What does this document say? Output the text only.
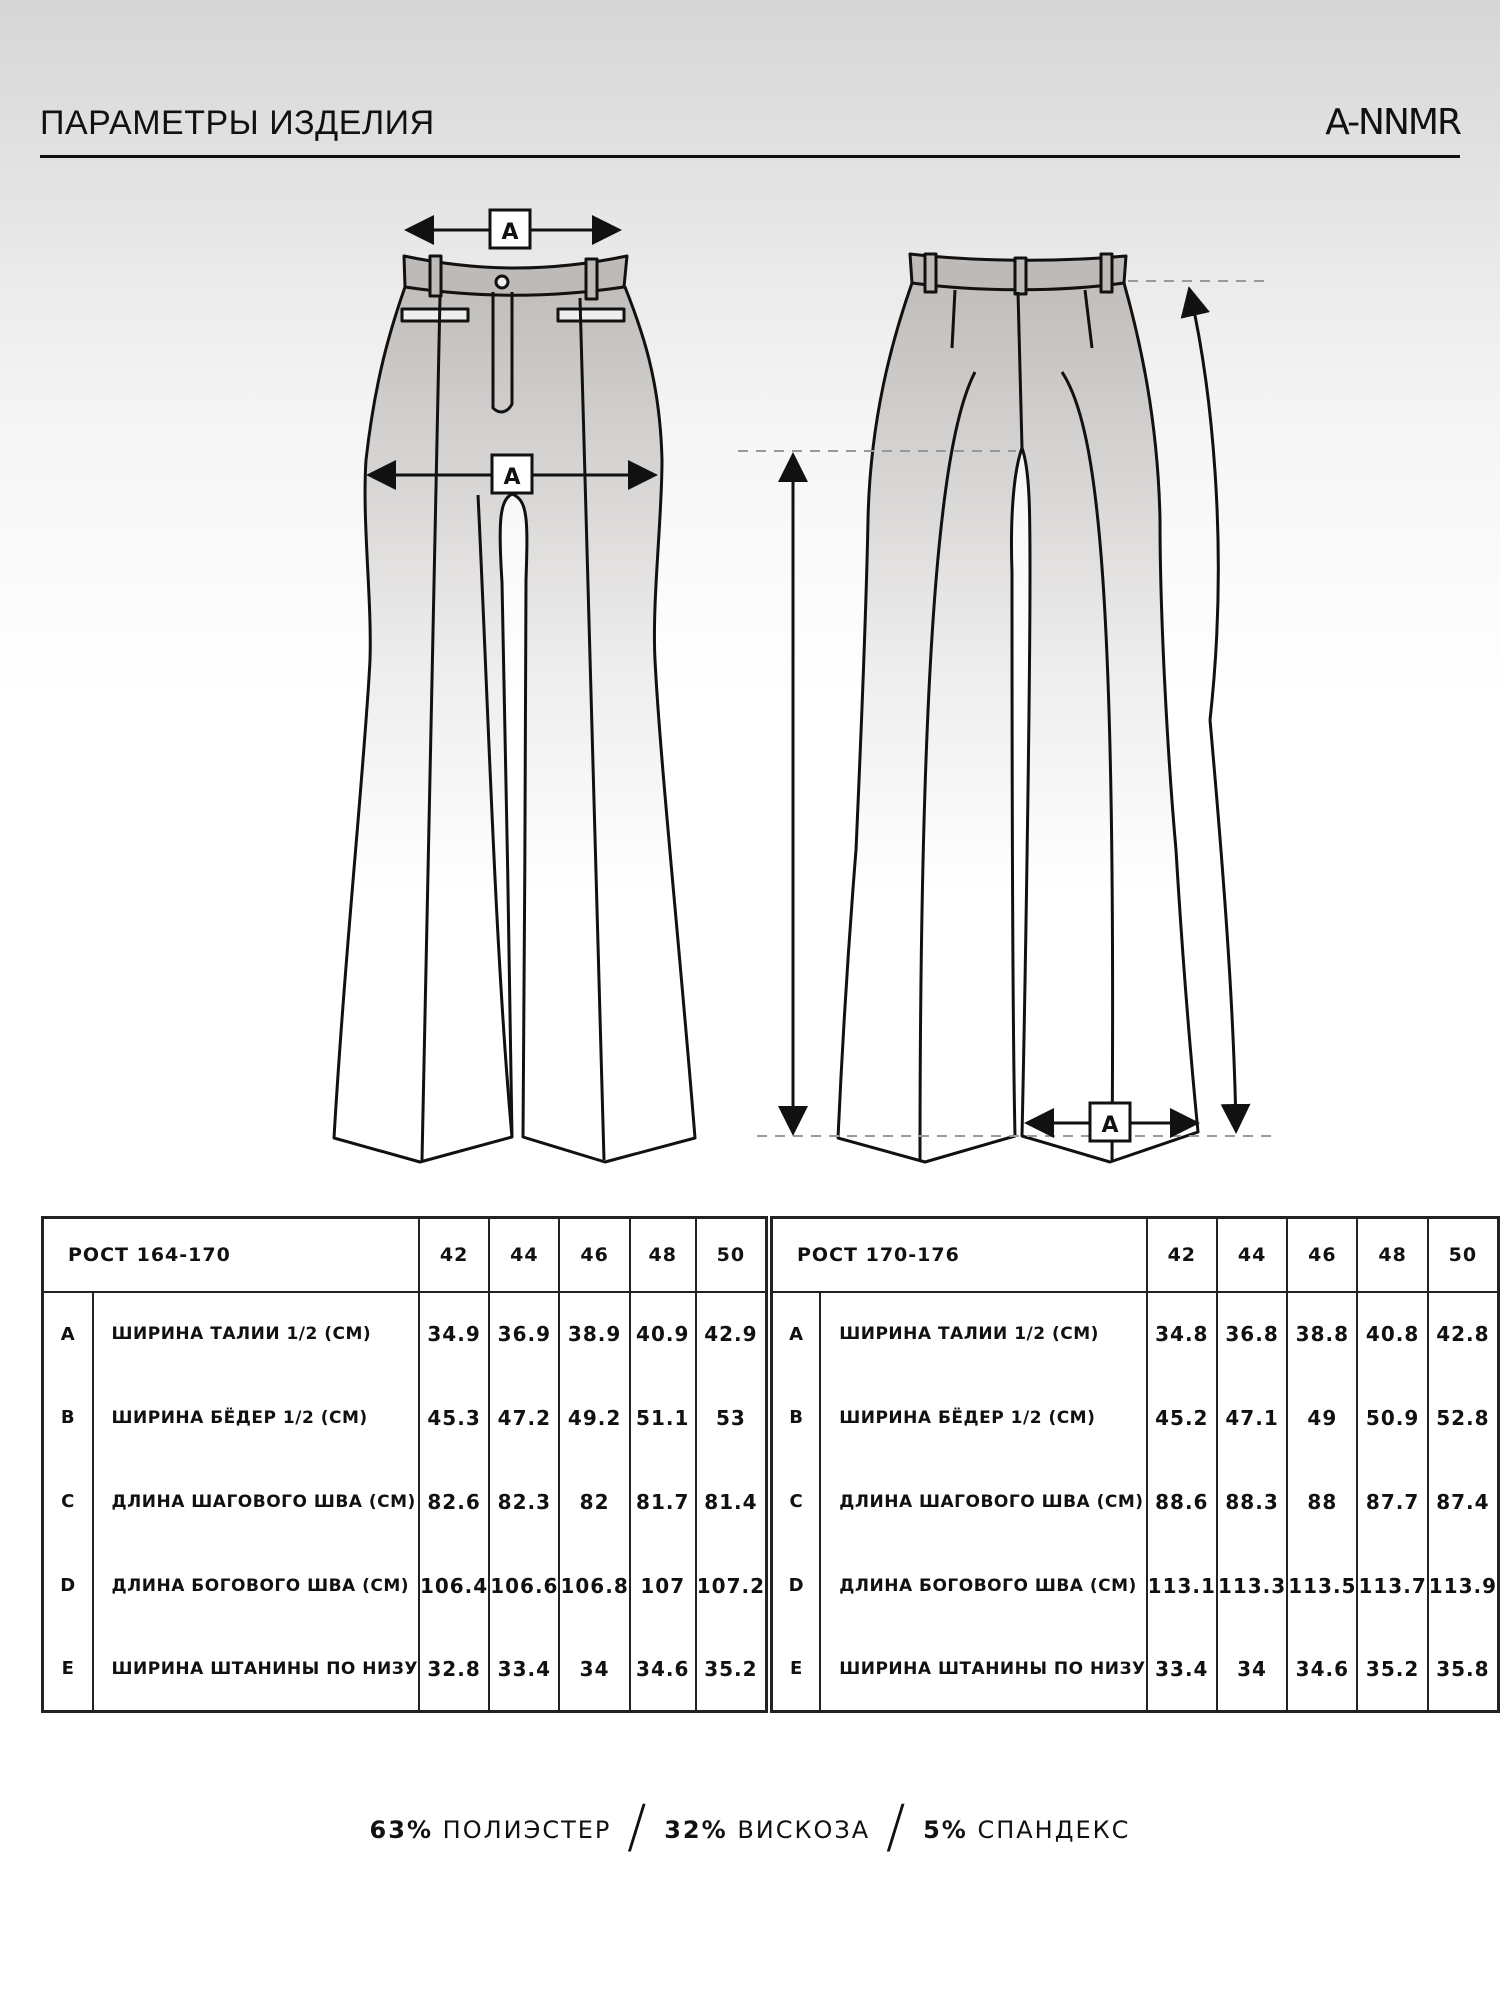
ПАРАМЕТРЫ ИЗДЕЛИЯ	A-NNMR
A
A
A
РОСТ 164-170		42	44	46	48	50
A	ШИРИНА ТАЛИИ 1/2 (СМ)	34.9	36.9	38.9	40.9	42.9
B	ШИРИНА БЁДЕР 1/2 (СМ)	45.3	47.2	49.2	51.1	53
C	ДЛИНА ШАГОВОГО ШВА (СМ)	82.6	82.3	82	81.7	81.4
D	ДЛИНА БОГОВОГО ШВА (СМ)	106.4	106.6	106.8	107	107.2
E	ШИРИНА ШТАНИНЫ ПО НИЗУ	32.8	33.4	34	34.6	35.2
РОСТ 170-176		42	44	46	48	50
A	ШИРИНА ТАЛИИ 1/2 (СМ)	34.8	36.8	38.8	40.8	42.8
B	ШИРИНА БЁДЕР 1/2 (СМ)	45.2	47.1	49	50.9	52.8
C	ДЛИНА ШАГОВОГО ШВА (СМ)	88.6	88.3	88	87.7	87.4
D	ДЛИНА БОГОВОГО ШВА (СМ)	113.1	113.3	113.5	113.7	113.9
E	ШИРИНА ШТАНИНЫ ПО НИЗУ	33.4	34	34.6	35.2	35.8
63% ПОЛИЭСТЕР / 32% ВИСКОЗА / 5% СПАНДЕКС
